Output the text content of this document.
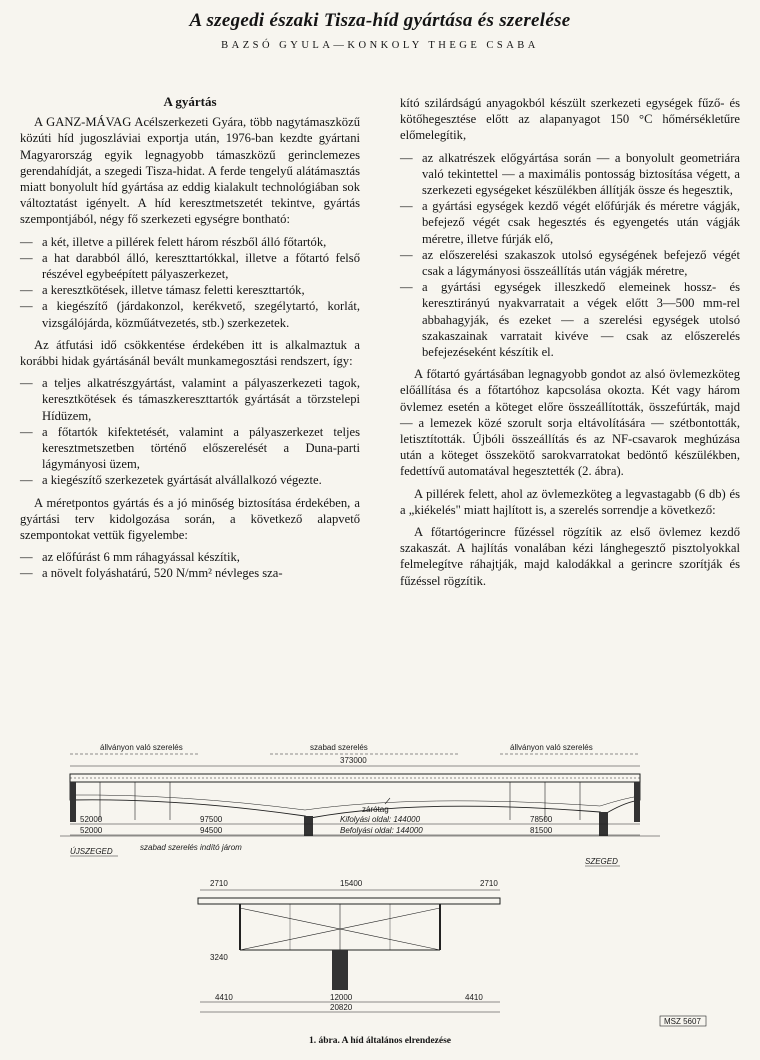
A szegedi északi Tisza-híd gyártása és szerelése
BAZSÓ GYULA—KONKOLY THEGE CSABA
A gyártás

A GANZ-MÁVAG Acélszerkezeti Gyára, több nagytámaszközű közúti híd jugoszláviai exportja után, 1976-ban kezdte gyártani Magyarország egyik legnagyobb támaszközű gerinclemezes gerendahídját, a szegedi Tisza-hidat. A ferde tengelyű alátámasztás miatt bonyolult híd gyártása az eddig kialakult technológiában sok változtatást igényelt. A híd keresztmetszetét tekintve, gyártás szempontjából, négy fő szerkezeti egységre bontható:

— a két, illetve a pillérek felett három részből álló főtartók,
— a hat darabból álló, kereszttartókkal, illetve a főtartó felső részével egybeépített pályaszerkezet,
— a keresztkötések, illetve támasz feletti kereszttartók,
— a kiegészítő (járdakonzol, kerékvető, szegélytartó, korlát, vizsgálójárda, közműátvezetés, stb.) szerkezetek.

Az átfutási idő csökkentése érdekében itt is alkalmaztuk a korábbi hidak gyártásánál bevált munkamegosztási rendszert, így:

— a teljes alkatrészgyártást, valamint a pályaszerkezeti tagok, keresztkötések és támaszkereszttartók gyártását a törzstelepi Hídüzem,
— a főtartók kifektetését, valamint a pályaszerkezet teljes keresztmetszetben történő előszerelését a Duna-parti lágymányosi üzem,
— a kiegészítő szerkezetek gyártását alvállalkozó végezte.

A méretpontos gyártás és a jó minőség biztosítása érdekében, a gyártási terv kidolgozása során, a következő alapvető szempontokat vettük figyelembe:

— az előfúrást 6 mm ráhagyással készítik,
— a növelt folyáshatárú, 520 N/mm² névleges sza-

kító szilárdságú anyagokból készült szerkezeti egységek fűző- és kötőhegesztése előtt az alapanyagot 150 °C hőmérsékletűre előmelegítik,

— az alkatrészek előgyártása során — a bonyolult geometriára való tekintettel — a maximális pontosság biztosítása végett, a szerkezeti egységeket készülékben állítják össze és hegesztik,
— a gyártási egységek kezdő végét előfúrják és méretre vágják, befejező végét csak hegesztés és egyengetés után vágják méretre, illetve fúrják elő,
— az előszerelési szakaszok utolsó egységének befejező végét csak a lágymányosi összeállítás után vágják méretre,
— a gyártási egységek illeszkedő elemeinek hossz- és keresztirányú nyakvarratait a végek előtt 3—500 mm-rel abbahagyják, és ezeket — a szerelési egységek utolsó szakaszainak varratait kivéve — csak az előszerelés befejezéseként készítik el.

A főtartó gyártásában legnagyobb gondot az alsó övlemezköteg előállítása és a főtartóhoz kapcsolása okozta. Két vagy három övlemez esetén a köteget előre összeállították, összefúrták, majd — a lemezek közé szorult sorja eltávolítására — szétbontották, letisztították. Újbóli összeállítás és az NF-csavarok meghúzása után a köteget összekötő sarokvarratokat bedöntő készülékben, fedettívű automatával hegesztették (2. ábra).

A pillérek felett, ahol az övlemezköteg a legvastagabb (6 db) és a „kiékelés" miatt hajlított is, a szerelés sorrendje a következő:

A főtartógerincre fűzéssel rögzítik az első övlemez kezdő szakaszát. A hajlítás vonalában kézi lánghegesztő pisztolyokkal felmelegítve ráhajtják, majd kalodákkal a gerincre szorítják és fűzéssel rögzítik.

állványon való szerelés	szabad szerelés	állványon való szerelés
373000
zárótag
52000
52000
97500
94500
Kifolyási oldal: 144000
Befolyási oldal: 144000
78500
81500
ÚJSZEGED
SZEGED
szabad szerelés indító járom
2710	15400	2710
3240
4410	12000	4410
20820
MSZ 5607
1. ábra. A híd általános elrendezése
